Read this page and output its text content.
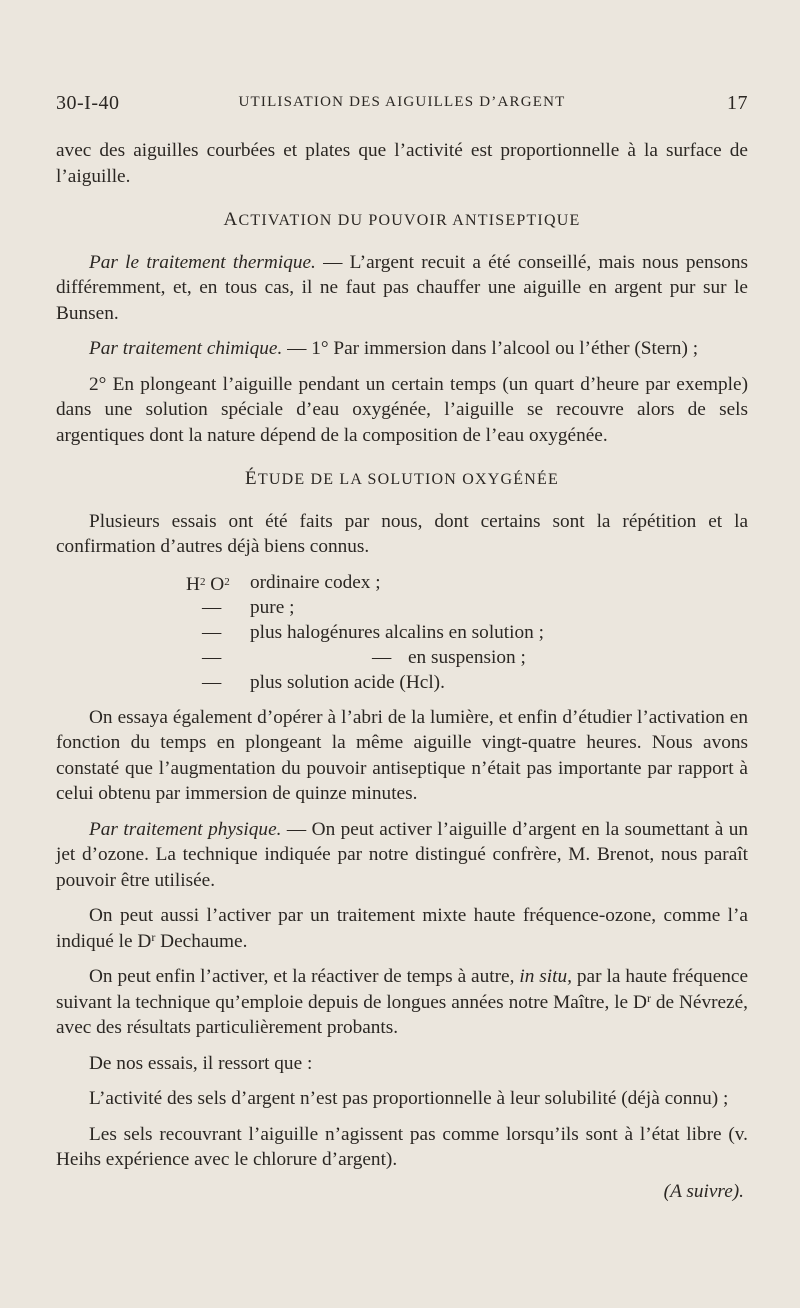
30-I-40	UTILISATION DES AIGUILLES D’ARGENT	17

avec des aiguilles courbées et plates que l’activité est proportionnelle à la surface de l’aiguille.

ACTIVATION DU POUVOIR ANTISEPTIQUE

Par le traitement thermique. — L’argent recuit a été conseillé, mais nous pensons différemment, et, en tous cas, il ne faut pas chauffer une aiguille en argent pur sur le Bunsen.

Par traitement chimique. — 1° Par immersion dans l’alcool ou l’éther (Stern) ;

2° En plongeant l’aiguille pendant un certain temps (un quart d’heure par exemple) dans une solution spéciale d’eau oxygénée, l’aiguille se recouvre alors de sels argentiques dont la nature dépend de la composition de l’eau oxygénée.

ÉTUDE DE LA SOLUTION OXYGÉNÉE

Plusieurs essais ont été faits par nous, dont certains sont la répétition et la confirmation d’autres déjà biens connus.

$H_2$ $O_2$ ordinaire codex ;
— pure ;
— plus halogénures alcalins en solution ;
—	— en suspension ;
— plus solution acide (Hcl).

On essaya également d’opérer à l’abri de la lumière, et enfin d’étudier l’activation en fonction du temps en plongeant la même aiguille vingt-quatre heures. Nous avons constaté que l’augmentation du pouvoir antiseptique n’était pas importante par rapport à celui obtenu par immersion de quinze minutes.

Par traitement physique. — On peut activer l’aiguille d’argent en la soumettant à un jet d’ozone. La technique indiquée par notre distingué confrère, M. Brenot, nous paraît pouvoir être utilisée.

On peut aussi l’activer par un traitement mixte haute fréquence-ozone, comme l’a indiqué le $D^r$ Dechaume.

On peut enfin l’activer, et la réactiver de temps à autre, in situ, par la haute fréquence suivant la technique qu’emploie depuis de longues années notre Maître, le $D^r$ de Névrezé, avec des résultats particulièrement probants.

De nos essais, il ressort que :

L’activité des sels d’argent n’est pas proportionnelle à leur solubilité (déjà connu) ;

Les sels recouvrant l’aiguille n’agissent pas comme lorsqu’ils sont à l’état libre (v. Heihs expérience avec le chlorure d’argent).

(A suivre).
